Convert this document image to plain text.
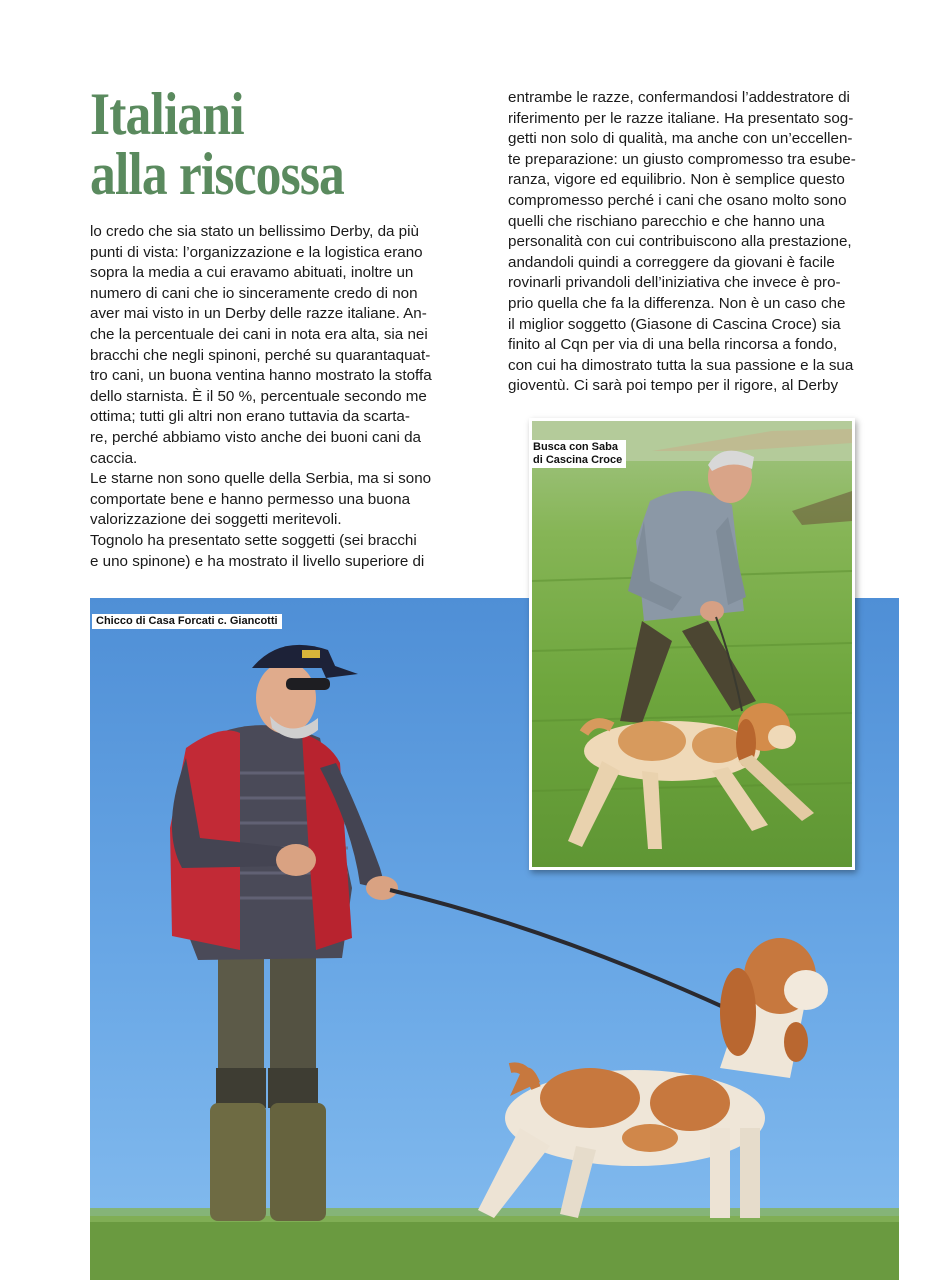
Italiani
alla riscossa

lo credo che sia stato un bellissimo Derby, da più
punti di vista: l’organizzazione e la logistica erano
sopra la media a cui eravamo abituati, inoltre un
numero di cani che io sinceramente credo di non
aver mai visto in un Derby delle razze italiane. An-
che la percentuale dei cani in nota era alta, sia nei
bracchi che negli spinoni, perché su quarantaquat-
tro cani, un buona ventina hanno mostrato la stoffa
dello starnista. È il 50 %, percentuale secondo me
ottima; tutti gli altri non erano tuttavia da scarta-
re, perché abbiamo visto anche dei buoni cani da
caccia.
Le starne non sono quelle della Serbia, ma si sono
comportate bene e hanno permesso una buona
valorizzazione dei soggetti meritevoli.
Tognolo ha presentato sette soggetti (sei bracchi
e uno spinone) e ha mostrato il livello superiore di

entrambe le razze, confermandosi l’addestratore di
riferimento per le razze italiane. Ha presentato sog-
getti non solo di qualità, ma anche con un’eccellen-
te preparazione: un giusto compromesso tra esube-
ranza, vigore ed equilibrio. Non è semplice questo
compromesso perché i cani che osano molto sono
quelli che rischiano parecchio e che hanno una
personalità con cui contribuiscono alla prestazione,
andandoli quindi a correggere da giovani è facile
rovinarli privandoli dell’iniziativa che invece è pro-
prio quella che fa la differenza. Non è un caso che
il miglior soggetto (Giasone di Cascina Croce) sia
finito al Cqn per via di una bella rincorsa a fondo,
con cui ha dimostrato tutta la sua passione e la sua
gioventù. Ci sarà poi tempo per il rigore, al Derby

Chicco di Casa Forcati c. Giancotti
Busca con Saba
di Cascina Croce
